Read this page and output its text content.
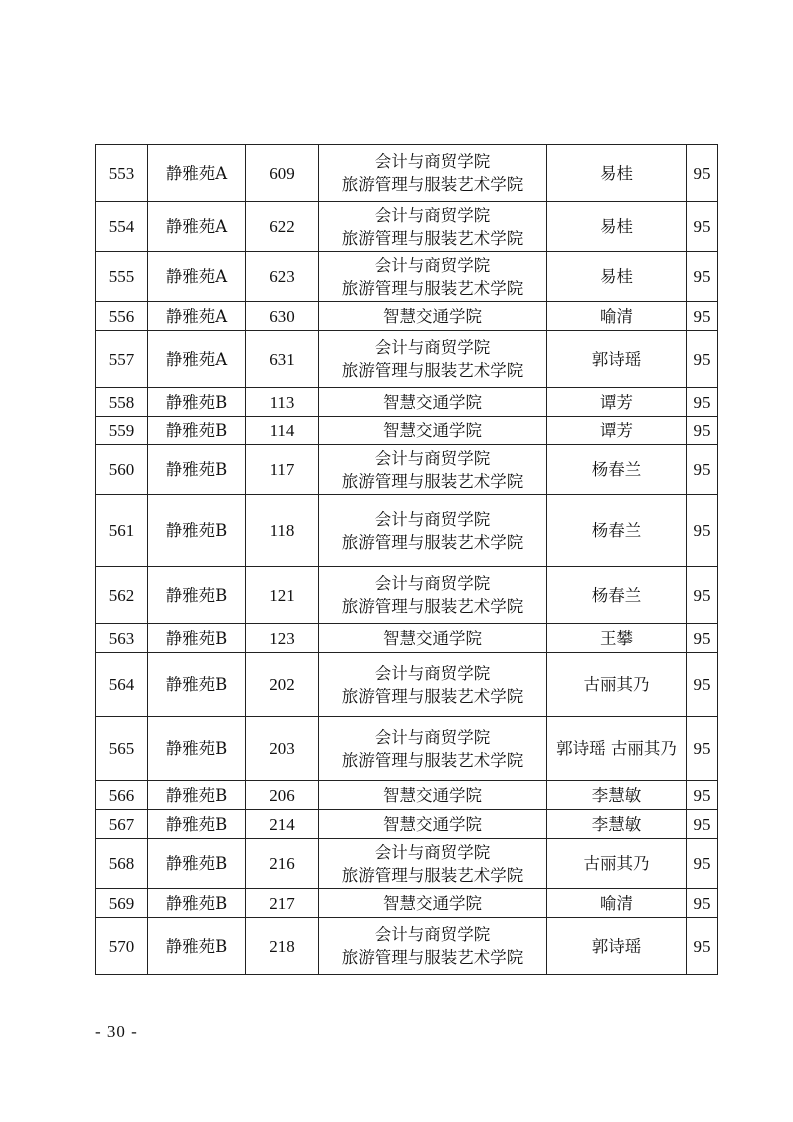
553	静雅苑A	609	会计与商贸学院
旅游管理与服装艺术学院	易桂	95
554	静雅苑A	622	会计与商贸学院
旅游管理与服装艺术学院	易桂	95
555	静雅苑A	623	会计与商贸学院
旅游管理与服装艺术学院	易桂	95
556	静雅苑A	630	智慧交通学院	喻清	95
557	静雅苑A	631	会计与商贸学院
旅游管理与服装艺术学院	郭诗瑶	95
558	静雅苑B	113	智慧交通学院	谭芳	95
559	静雅苑B	114	智慧交通学院	谭芳	95
560	静雅苑B	117	会计与商贸学院
旅游管理与服装艺术学院	杨春兰	95
561	静雅苑B	118	会计与商贸学院
旅游管理与服装艺术学院	杨春兰	95
562	静雅苑B	121	会计与商贸学院
旅游管理与服装艺术学院	杨春兰	95
563	静雅苑B	123	智慧交通学院	王攀	95
564	静雅苑B	202	会计与商贸学院
旅游管理与服装艺术学院	古丽其乃	95
565	静雅苑B	203	会计与商贸学院
旅游管理与服装艺术学院	郭诗瑶 古丽其乃	95
566	静雅苑B	206	智慧交通学院	李慧敏	95
567	静雅苑B	214	智慧交通学院	李慧敏	95
568	静雅苑B	216	会计与商贸学院
旅游管理与服装艺术学院	古丽其乃	95
569	静雅苑B	217	智慧交通学院	喻清	95
570	静雅苑B	218	会计与商贸学院
旅游管理与服装艺术学院	郭诗瑶	95
- 30 -
